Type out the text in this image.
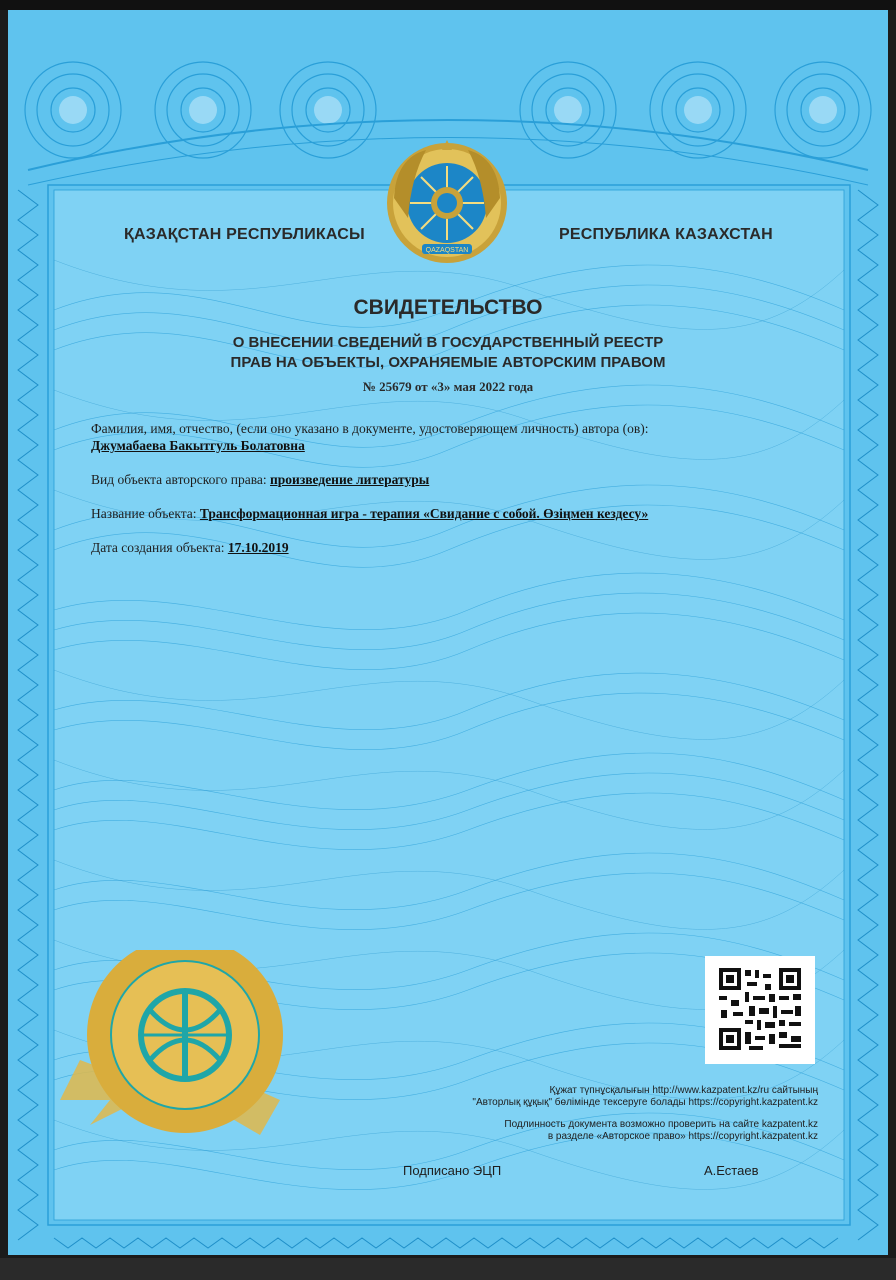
QAZAQSTAN
ҚАЗАҚСТАН РЕСПУБЛИКАСЫ	РЕСПУБЛИКА КАЗАХСТАН
СВИДЕТЕЛЬСТВО
О ВНЕСЕНИИ СВЕДЕНИЙ В ГОСУДАРСТВЕННЫЙ РЕЕСТР
ПРАВ НА ОБЪЕКТЫ, ОХРАНЯЕМЫЕ АВТОРСКИМ ПРАВОМ
№ 25679 от «3» мая 2022 года
Фамилия, имя, отчество, (если оно указано в документе, удостоверяющем личность) автора (ов):
Джумабаева Бакытгуль Болатовна
Вид объекта авторского права: произведение литературы
Название объекта: Трансформационная игра - терапия «Свидание с собой. Өзіңмен кездесу»
Дата создания объекта: 17.10.2019
Құжат түпнұсқалығын http://www.kazpatent.kz/ru сайтының
"Авторлық құқық" бөлімінде тексеруге болады https://copyright.kazpatent.kz
Подлинность документа возможно проверить на сайте kazpatent.kz
в разделе «Авторское право» https://copyright.kazpatent.kz
Подписано ЭЦП	А.Естаев
